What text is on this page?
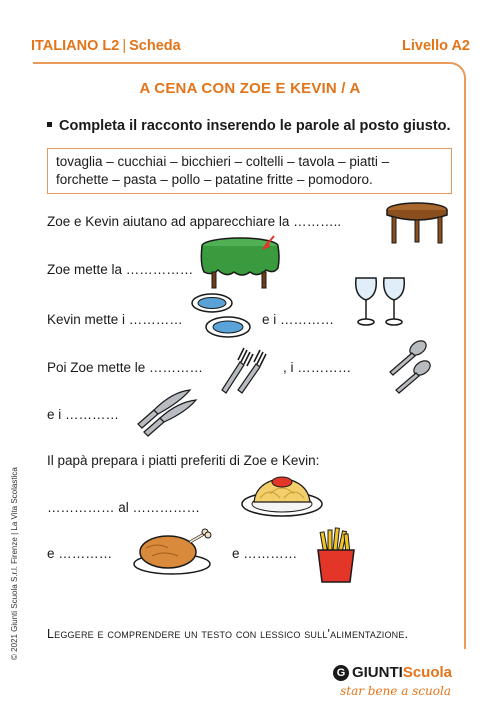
ITALIANO L2 | Scheda	Livello A2
A CENA CON ZOE E KEVIN / A
Completa il racconto inserendo le parole al posto giusto.
tovaglia – cucchiai – bicchieri – coltelli – tavola – piatti –
forchette – pasta – pollo – patatine fritte – pomodoro.
Zoe e Kevin aiutano ad apparecchiare la ………..
Zoe mette la ……………
Kevin mette i …………	e i …………
Poi Zoe mette le …………	, i …………
e i …………
Il papà prepara i piatti preferiti di Zoe e Kevin:
…………… al ……………
e …………	e …………
Leggere e comprendere un testo con lessico sull'alimentazione.
© 2021 Giunti Scuola S.r.l. Firenze | La Vita Scolastica
G GIUNTIScuola
star bene a scuola
